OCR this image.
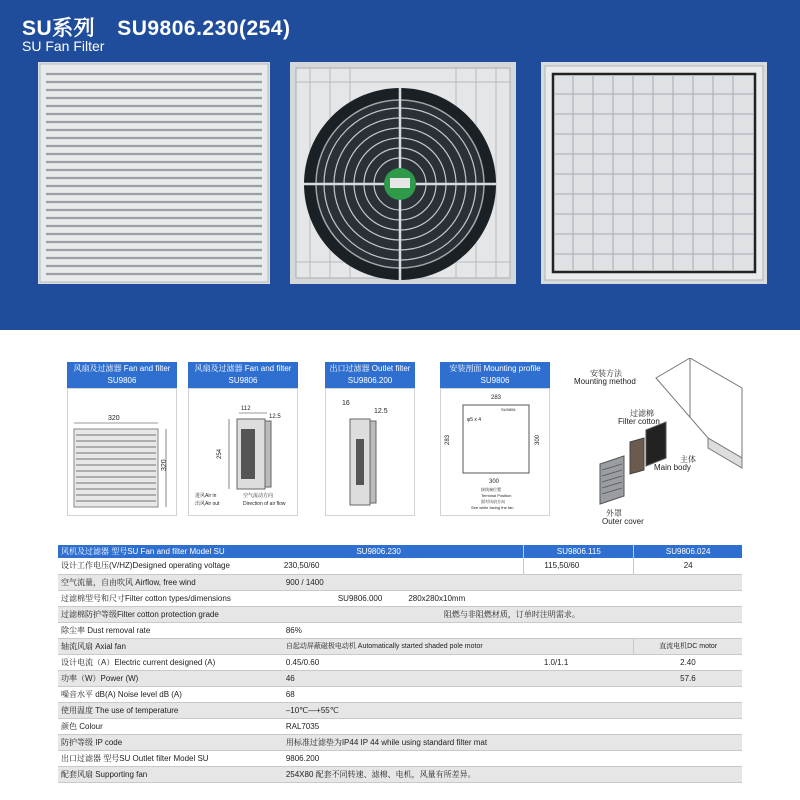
SU系列 SU9806.230(254)
SU Fan Filter
风扇及过滤器 Fan and filter
SU9806
320
320
风扇及过滤器 Fan and filter
SU9806
112
12.5
254
进风Air in
出风Air out
空气流动方向
Direction of air flow
出口过滤器 Outlet filter
SU9806.200
16
12.5
安装剖面 Mounting profile
SU9806
283
283	300
300
φ5 x 4
SU9806
接线端位置
Terminal Position
面对风扇方向
See while facing the fan
安装方法
Mounting method
过滤棉
Filter cotton
主体
Main body
外罩
Outer cover
风机及过滤器 型号SU Fan and filter Model SU	SU9806.230	SU9806.115	SU9806.024
设计工作电压(V/HZ)Designed operating voltage	230,50/60	115,50/60	24
空气流量，自由吹风 Airflow, free wind	900 / 1400		
过滤棉型号和尺寸Filter cotton types/dimensions	SU9806.000 280x280x10mm		
过滤棉防护等级Filter cotton protection grade	阻燃与非阻燃材质，订单时注明需求。		
除尘率 Dust removal rate	86%		
轴流风扇 Axial fan	自起动屏蔽磁极电动机 Automatically started shaded pole motor		直流电机DC motor
设计电流（A）Electric current designed (A)	0.45/0.60	1.0/1.1	2.40
功率（W）Power (W)	46		57.6
噪音水平 dB(A) Noise level dB (A)	68		
使用温度 The use of temperature	–10℃—+55℃		
颜色 Colour	RAL7035		
防护等级 IP code	用标准过滤垫为IP44 IP 44 while using standard filter mat		
出口过滤器 型号SU Outlet filter Model SU	9806.200		
配套风扇 Supporting fan	254X80 配套不同转速、滤棉、电机，风量有所差异。		
